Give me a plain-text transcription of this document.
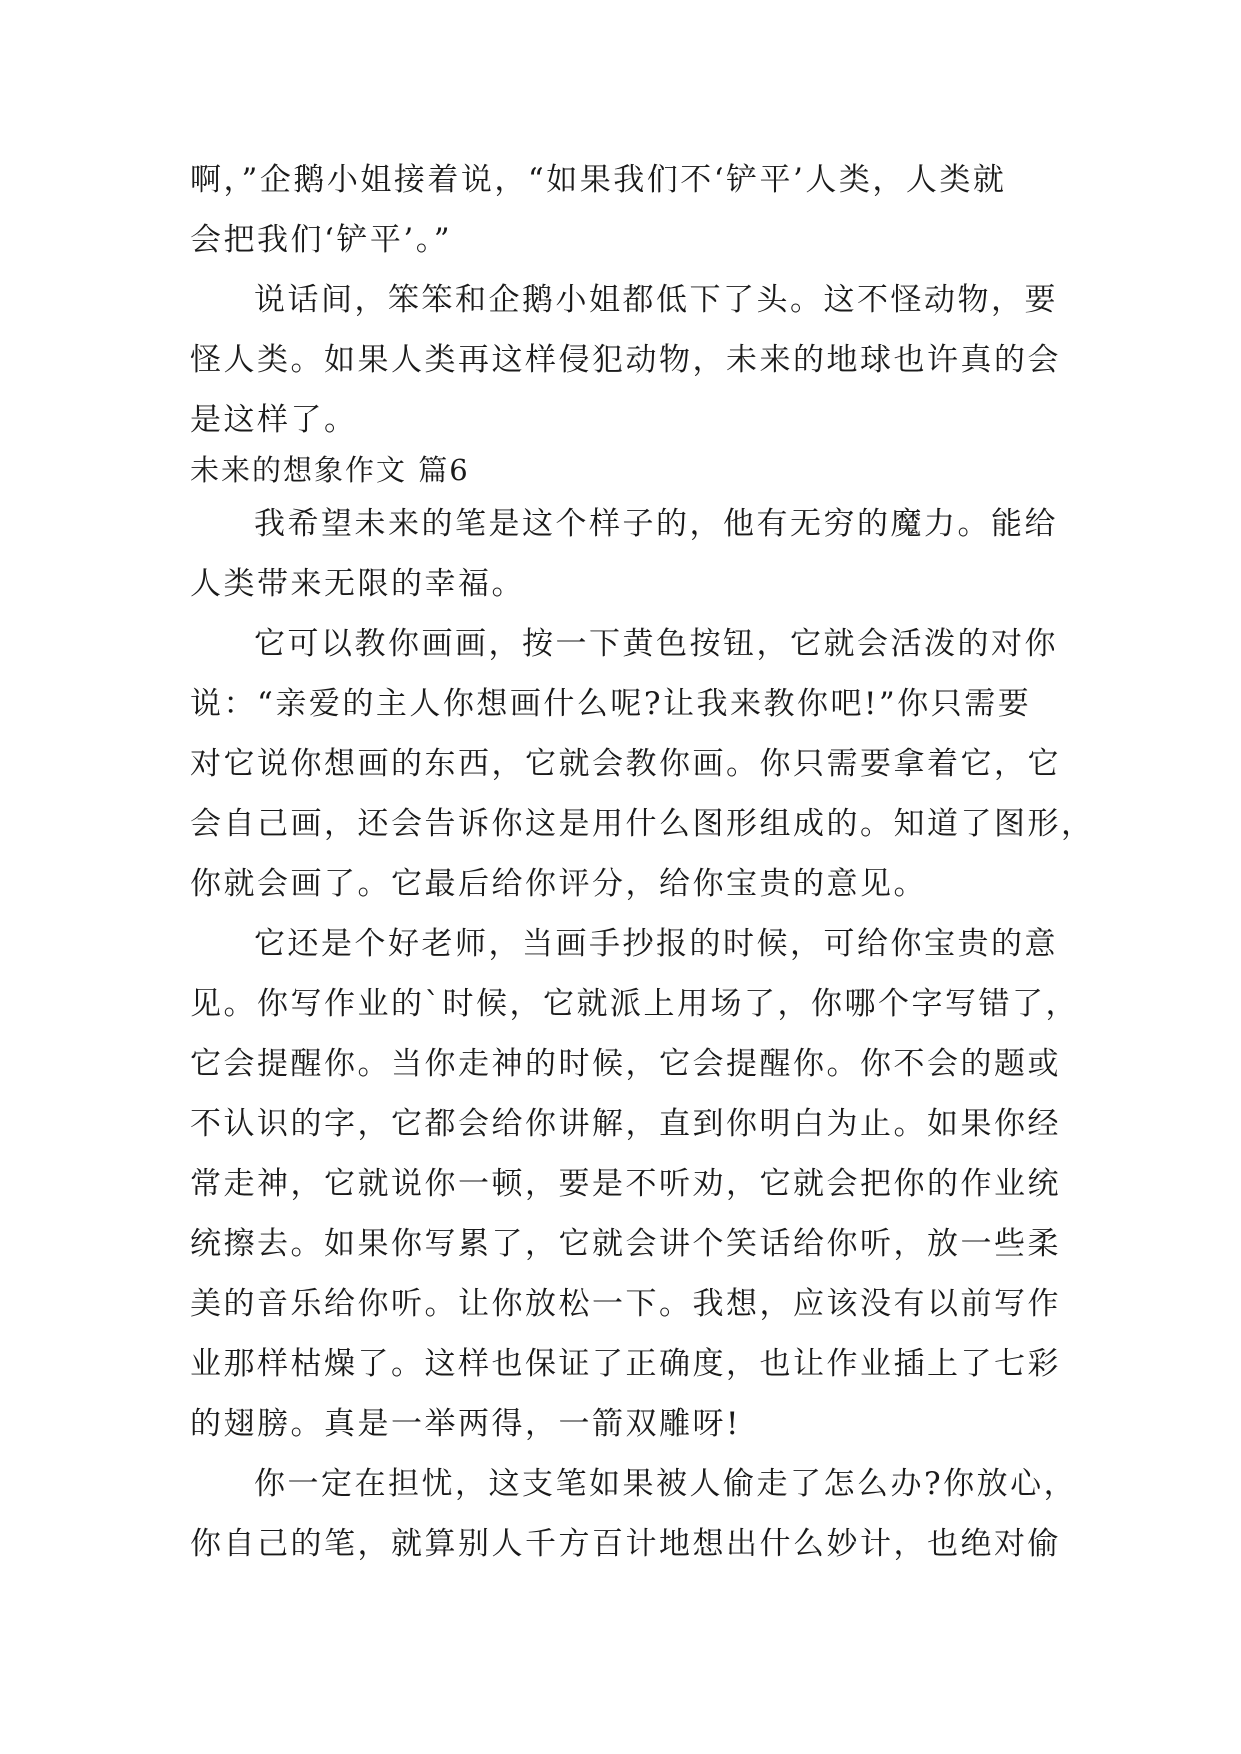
啊，”企鹅小姐接着说，“如果我们不‘铲平’人类，人类就
会把我们‘铲平’。”
说话间，笨笨和企鹅小姐都低下了头。这不怪动物，要
怪人类。如果人类再这样侵犯动物，未来的地球也许真的会
是这样了。
未来的想象作文 篇6
我希望未来的笔是这个样子的，他有无穷的魔力。能给
人类带来无限的幸福。
它可以教你画画，按一下黄色按钮，它就会活泼的对你
说：“亲爱的主人你想画什么呢?让我来教你吧!”你只需要
对它说你想画的东西，它就会教你画。你只需要拿着它，它
会自己画，还会告诉你这是用什么图形组成的。知道了图形，
你就会画了。它最后给你评分，给你宝贵的意见。
它还是个好老师，当画手抄报的时候，可给你宝贵的意
见。你写作业的`时候，它就派上用场了，你哪个字写错了，
它会提醒你。当你走神的时候，它会提醒你。你不会的题或
不认识的字，它都会给你讲解，直到你明白为止。如果你经
常走神，它就说你一顿，要是不听劝，它就会把你的作业统
统擦去。如果你写累了，它就会讲个笑话给你听，放一些柔
美的音乐给你听。让你放松一下。我想，应该没有以前写作
业那样枯燥了。这样也保证了正确度，也让作业插上了七彩
的翅膀。真是一举两得，一箭双雕呀!
你一定在担忧，这支笔如果被人偷走了怎么办?你放心，
你自己的笔，就算别人千方百计地想出什么妙计，也绝对偷
